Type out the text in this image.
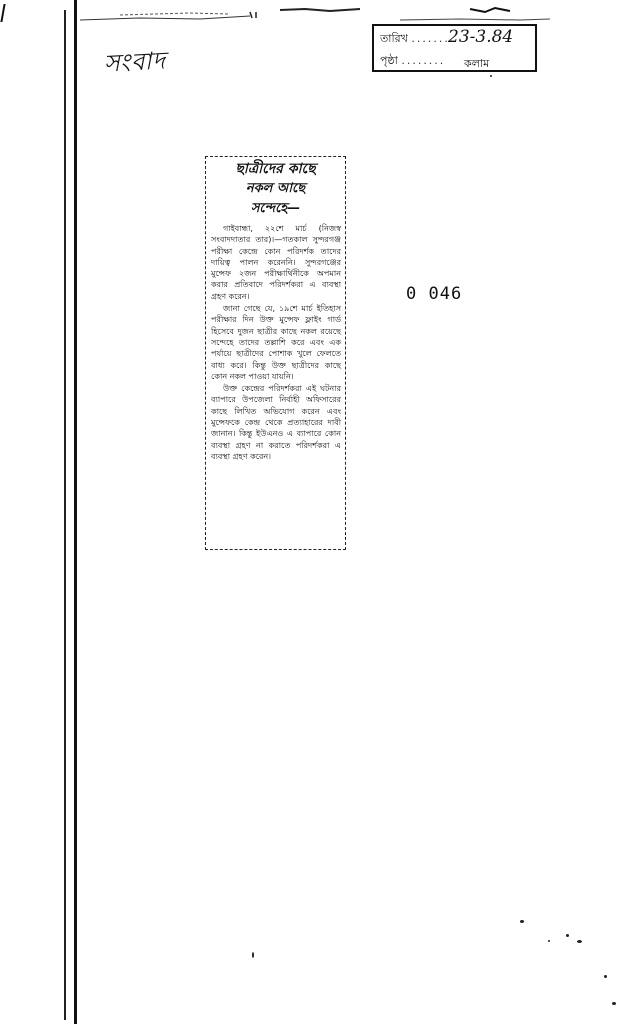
সংবাদ
তারিখ ........
23-3.84
পৃষ্ঠা ........ কলাম
ছাত্রীদের কাছে
নকল আছে
সন্দেহে—

গাইবান্ধা, ২২শে মার্চ (নিজস্ব সংবাদদাতার তার)।—গতকাল সুন্দরগঞ্জ পরীক্ষা কেন্দ্রে কোন পরিদর্শক তাদের দায়িত্ব পালন করেননি। সুন্দরগঞ্জের মুন্সেফ ২জন পরীক্ষার্থিনীকে অপমান করার প্রতিবাদে পরিদর্শকরা এ ব্যবস্থা গ্রহণ করেন।

জানা গেছে যে, ১৯শে মার্চ ইতিহাস পরীক্ষার দিন উক্ত মুন্সেফ ফ্লাইং গার্ড হিসেবে দুজন ছাত্রীর কাছে নকল রয়েছে সন্দেহে তাদের তল্লাশি করে এবং এক পর্যায়ে ছাত্রীদের পোশাক খুলে ফেলতে বাধ্য করে। কিন্তু উক্ত ছাত্রীদের কাছে কোন নকল পাওয়া যায়নি।

উক্ত কেন্দ্রের পরিদর্শকরা এই ঘটনার ব্যাপারে উপজেলা নির্বাহী অফিসারের কাছে লিখিত অভিযোগ করেন এবং মুন্সেফকে কেন্দ্র থেকে প্রত্যাহারের দাবী জানান। কিন্তু ইউএনও এ ব্যাপারে কোন ব্যবস্থা গ্রহণ না করাতে পরিদর্শকরা এ ব্যবস্থা গ্রহণ করেন।

0 046
